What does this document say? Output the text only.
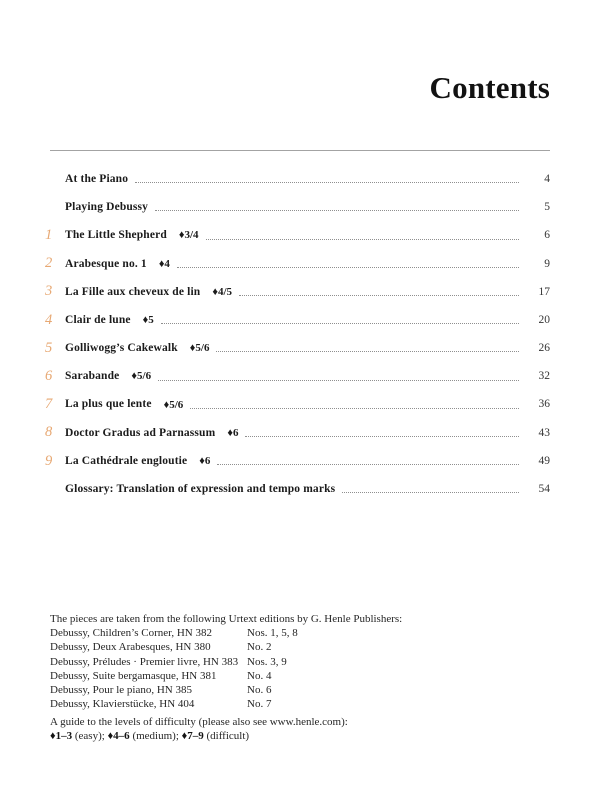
Contents
At the Piano	4
Playing Debussy	5
1	The Little Shepherd ♦3/4	6
2	Arabesque no. 1 ♦4	9
3	La Fille aux cheveux de lin ♦4/5	17
4	Clair de lune ♦5	20
5	Golliwogg’s Cakewalk ♦5/6	26
6	Sarabande ♦5/6	32
7	La plus que lente ♦5/6	36
8	Doctor Gradus ad Parnassum ♦6	43
9	La Cathédrale engloutie ♦6	49
Glossary: Translation of expression and tempo marks	54
The pieces are taken from the following Urtext editions by G. Henle Publishers:
Debussy, Children’s Corner, HN 382	Nos. 1, 5, 8
Debussy, Deux Arabesques, HN 380	No. 2
Debussy, Préludes · Premier livre, HN 383 Nos. 3, 9
Debussy, Suite bergamasque, HN 381	No. 4
Debussy, Pour le piano, HN 385	No. 6
Debussy, Klavierstücke, HN 404	No. 7
A guide to the levels of difficulty (please also see www.henle.com):
♦1–3 (easy); ♦4–6 (medium); ♦7–9 (difficult)
